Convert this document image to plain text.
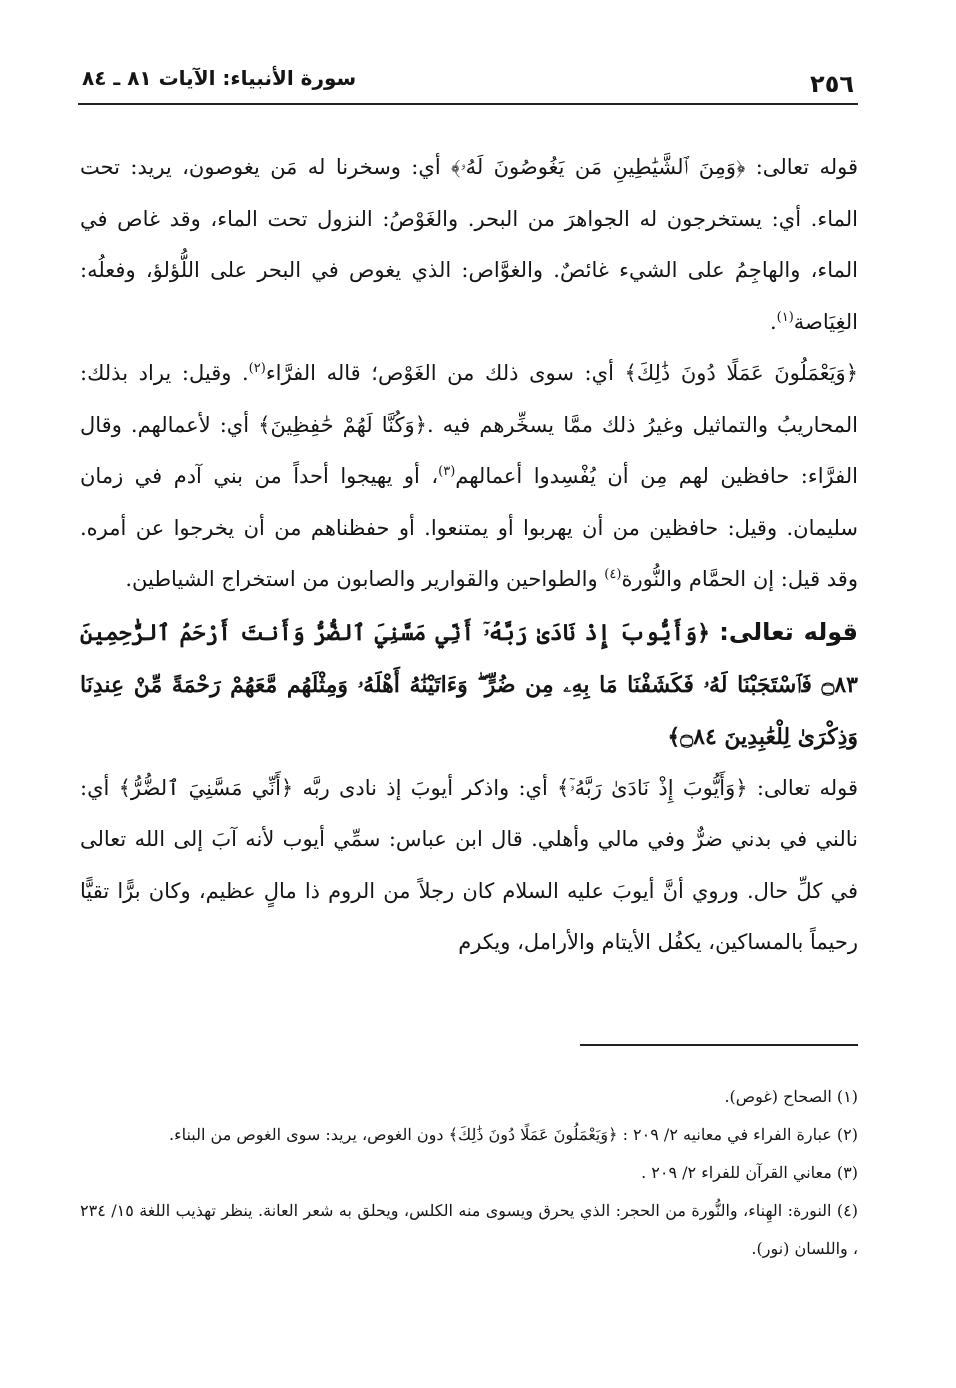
٢٥٦
سورة الأنبياء: الآيات ٨١ ـ ٨٤

قوله تعالى: ﴿وَمِنَ ٱلشَّيَٰطِينِ مَن يَغُوصُونَ لَهُۥ﴾ أي: وسخرنا له مَن يغوصون، يريد: تحت الماء. أي: يستخرجون له الجواهرَ من البحر. والغَوْصُ: النزول تحت الماء، وقد غاص في الماء، والهاجِمُ على الشيء غائصٌ. والغوَّاص: الذي يغوص في البحر على اللُّؤلؤ، وفعلُه: الغِيَاصة$^{(١)}$.

﴿وَيَعْمَلُونَ عَمَلًا دُونَ ذَٰلِكَ﴾ أي: سوى ذلك من الغَوْص؛ قاله الفرَّاء$^{(٢)}$. وقيل: يراد بذلك: المحاريبُ والتماثيل وغيرُ ذلك ممَّا يسخِّرهم فيه .﴿وَكُنَّا لَهُمْ حَٰفِظِينَ﴾ أي: لأعمالهم. وقال الفرَّاء: حافظين لهم مِن أن يُفْسِدوا أعمالهم$^{(٣)}$، أو يهيجوا أحداً من بني آدم في زمان سليمان. وقيل: حافظين من أن يهربوا أو يمتنعوا. أو حفظناهم من أن يخرجوا عن أمره. وقد قيل: إن الحمَّام والنُّورة$^{(٤)}$ والطواحين والقوارير والصابون من استخراج الشياطين.

قوله تعالى: ﴿وَأَيُّوبَ إِذْ نَادَىٰ رَبَّهُۥٓ أَنِّي مَسَّنِيَ ٱلضُّرُّ وَأَنتَ أَرْحَمُ ٱلرَّٰحِمِينَ ۝٨٣ فَٱسْتَجَبْنَا لَهُۥ فَكَشَفْنَا مَا بِهِۦ مِن ضُرٍّ ۖ وَءَاتَيْنَٰهُ أَهْلَهُۥ وَمِثْلَهُم مَّعَهُمْ رَحْمَةً مِّنْ عِندِنَا وَذِكْرَىٰ لِلْعَٰبِدِينَ ۝٨٤﴾

قوله تعالى: ﴿وَأَيُّوبَ إِذْ نَادَىٰ رَبَّهُۥٓ﴾ أي: واذكر أيوبَ إذ نادى ربَّه ﴿أَنِّي مَسَّنِيَ ٱلضُّرُّ﴾ أي: نالني في بدني ضرٌّ وفي مالي وأهلي. قال ابن عباس: سمِّي أيوب لأنه آبَ إلى الله تعالى في كلِّ حال. وروي أنَّ أيوبَ عليه السلام كان رجلاً من الروم ذا مالٍ عظيم، وكان برًّا تقيًّا رحيماً بالمساكين، يكفُل الأيتام والأرامل، ويكرم

(١) الصحاح (غوص).

(٢) عبارة الفراء في معانيه ٢/ ٢٠٩ : ﴿وَيَعْمَلُونَ عَمَلًا دُونَ ذَٰلِكَ﴾ دون الغوص، يريد: سوى الغوص من البناء.

(٣) معاني القرآن للفراء ٢/ ٢٠٩ .

(٤) النورة: الهِناء، والنُّورة من الحجر: الذي يحرق ويسوى منه الكلس، ويحلق به شعر العانة. ينظر تهذيب اللغة ١٥/ ٢٣٤ ، واللسان (نور).
